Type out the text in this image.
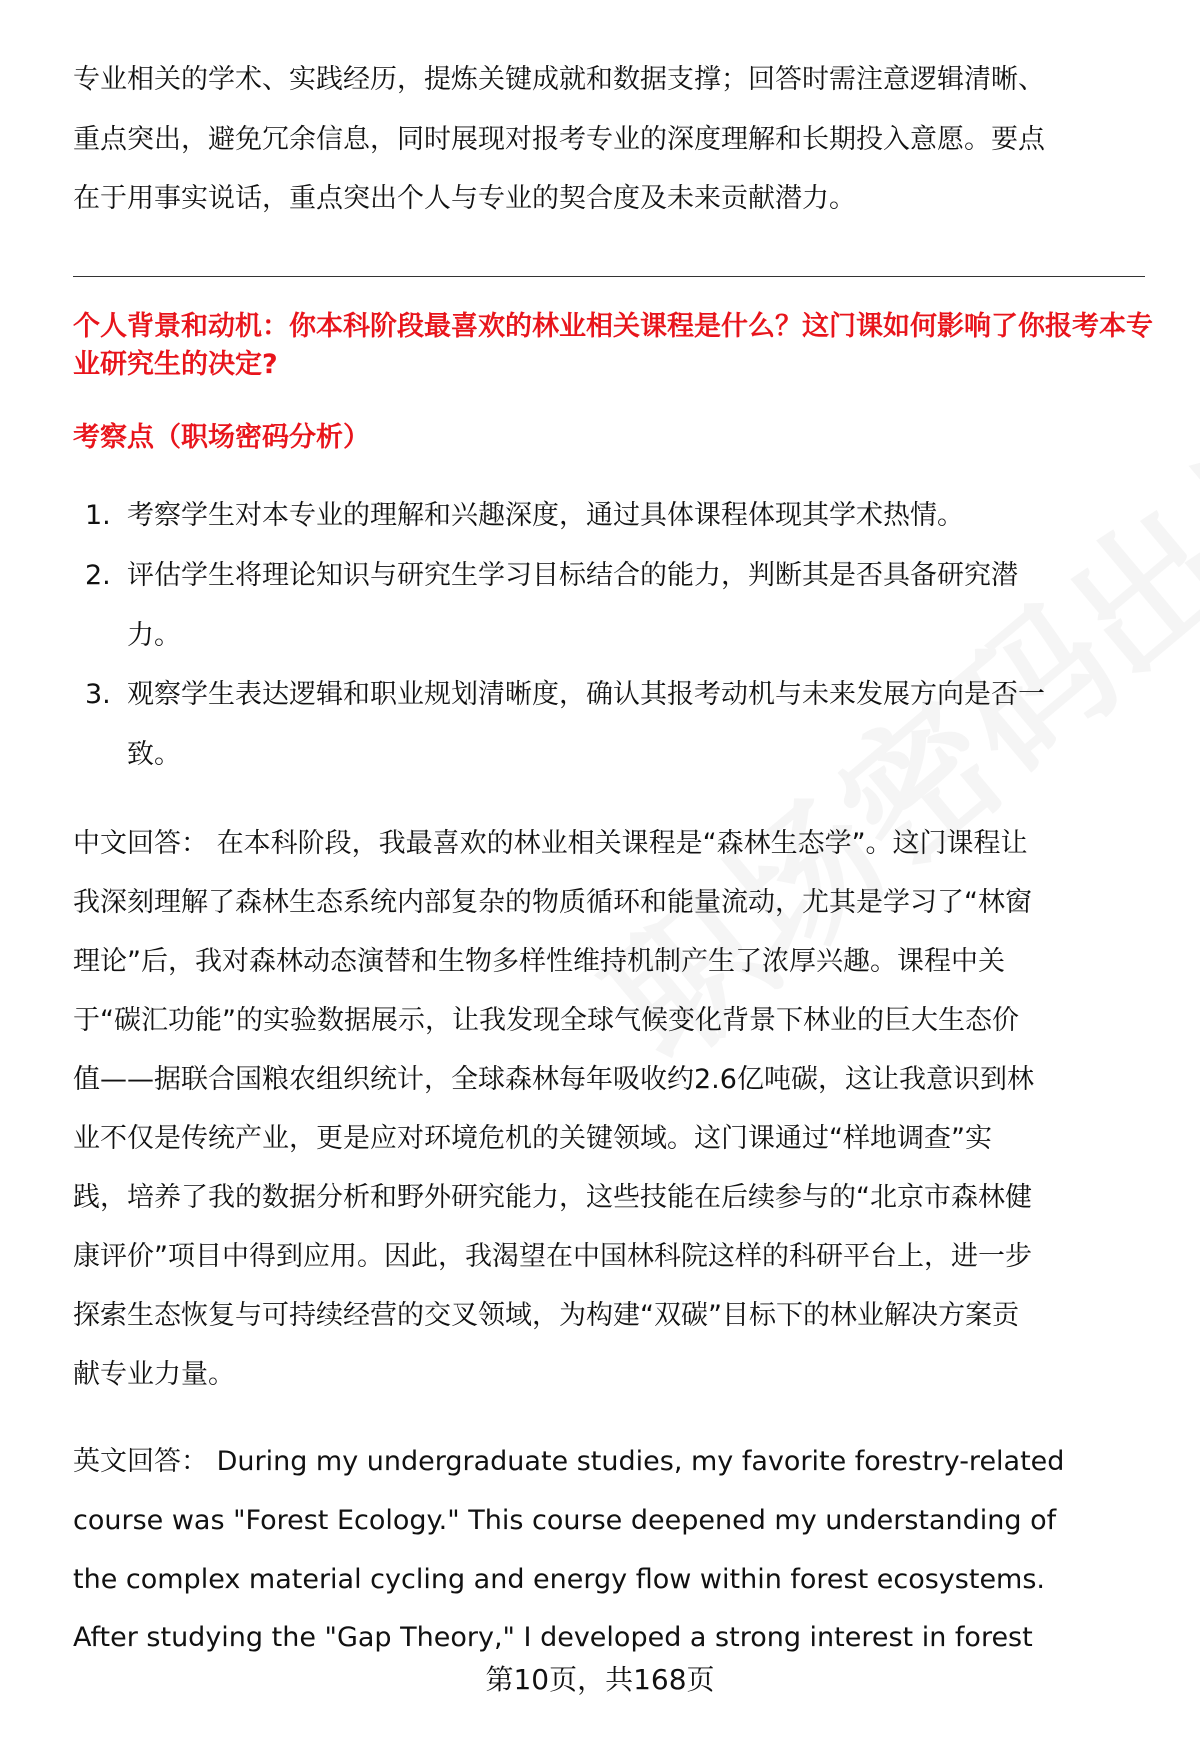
专业相关的学术、实践经历，提炼关键成就和数据支撑；回答时需注意逻辑清晰、
重点突出，避免冗余信息，同时展现对报考专业的深度理解和长期投入意愿。要点
在于用事实说话，重点突出个人与专业的契合度及未来贡献潜力。
个人背景和动机：你本科阶段最喜欢的林业相关课程是什么？这门课如何影响了你报考本专业研究生的决定?
考察点（职场密码分析）
1. 考察学生对本专业的理解和兴趣深度，通过具体课程体现其学术热情。
2. 评估学生将理论知识与研究生学习目标结合的能力，判断其是否具备研究潜
力。
3. 观察学生表达逻辑和职业规划清晰度，确认其报考动机与未来发展方向是否一
致。
中文回答： 在本科阶段，我最喜欢的林业相关课程是“森林生态学”。这门课程让
我深刻理解了森林生态系统内部复杂的物质循环和能量流动，尤其是学习了“林窗
理论”后，我对森林动态演替和生物多样性维持机制产生了浓厚兴趣。课程中关
于“碳汇功能”的实验数据展示，让我发现全球气候变化背景下林业的巨大生态价
值——据联合国粮农组织统计，全球森林每年吸收约2.6亿吨碳，这让我意识到林
业不仅是传统产业，更是应对环境危机的关键领域。这门课通过“样地调查”实
践，培养了我的数据分析和野外研究能力，这些技能在后续参与的“北京市森林健
康评价”项目中得到应用。因此，我渴望在中国林科院这样的科研平台上，进一步
探索生态恢复与可持续经营的交叉领域，为构建“双碳”目标下的林业解决方案贡
献专业力量。
英文回答： During my undergraduate studies, my favorite forestry-related
course was "Forest Ecology." This course deepened my understanding of
the complex material cycling and energy flow within forest ecosystems.
After studying the "Gap Theory," I developed a strong interest in forest
第10页，共168页
